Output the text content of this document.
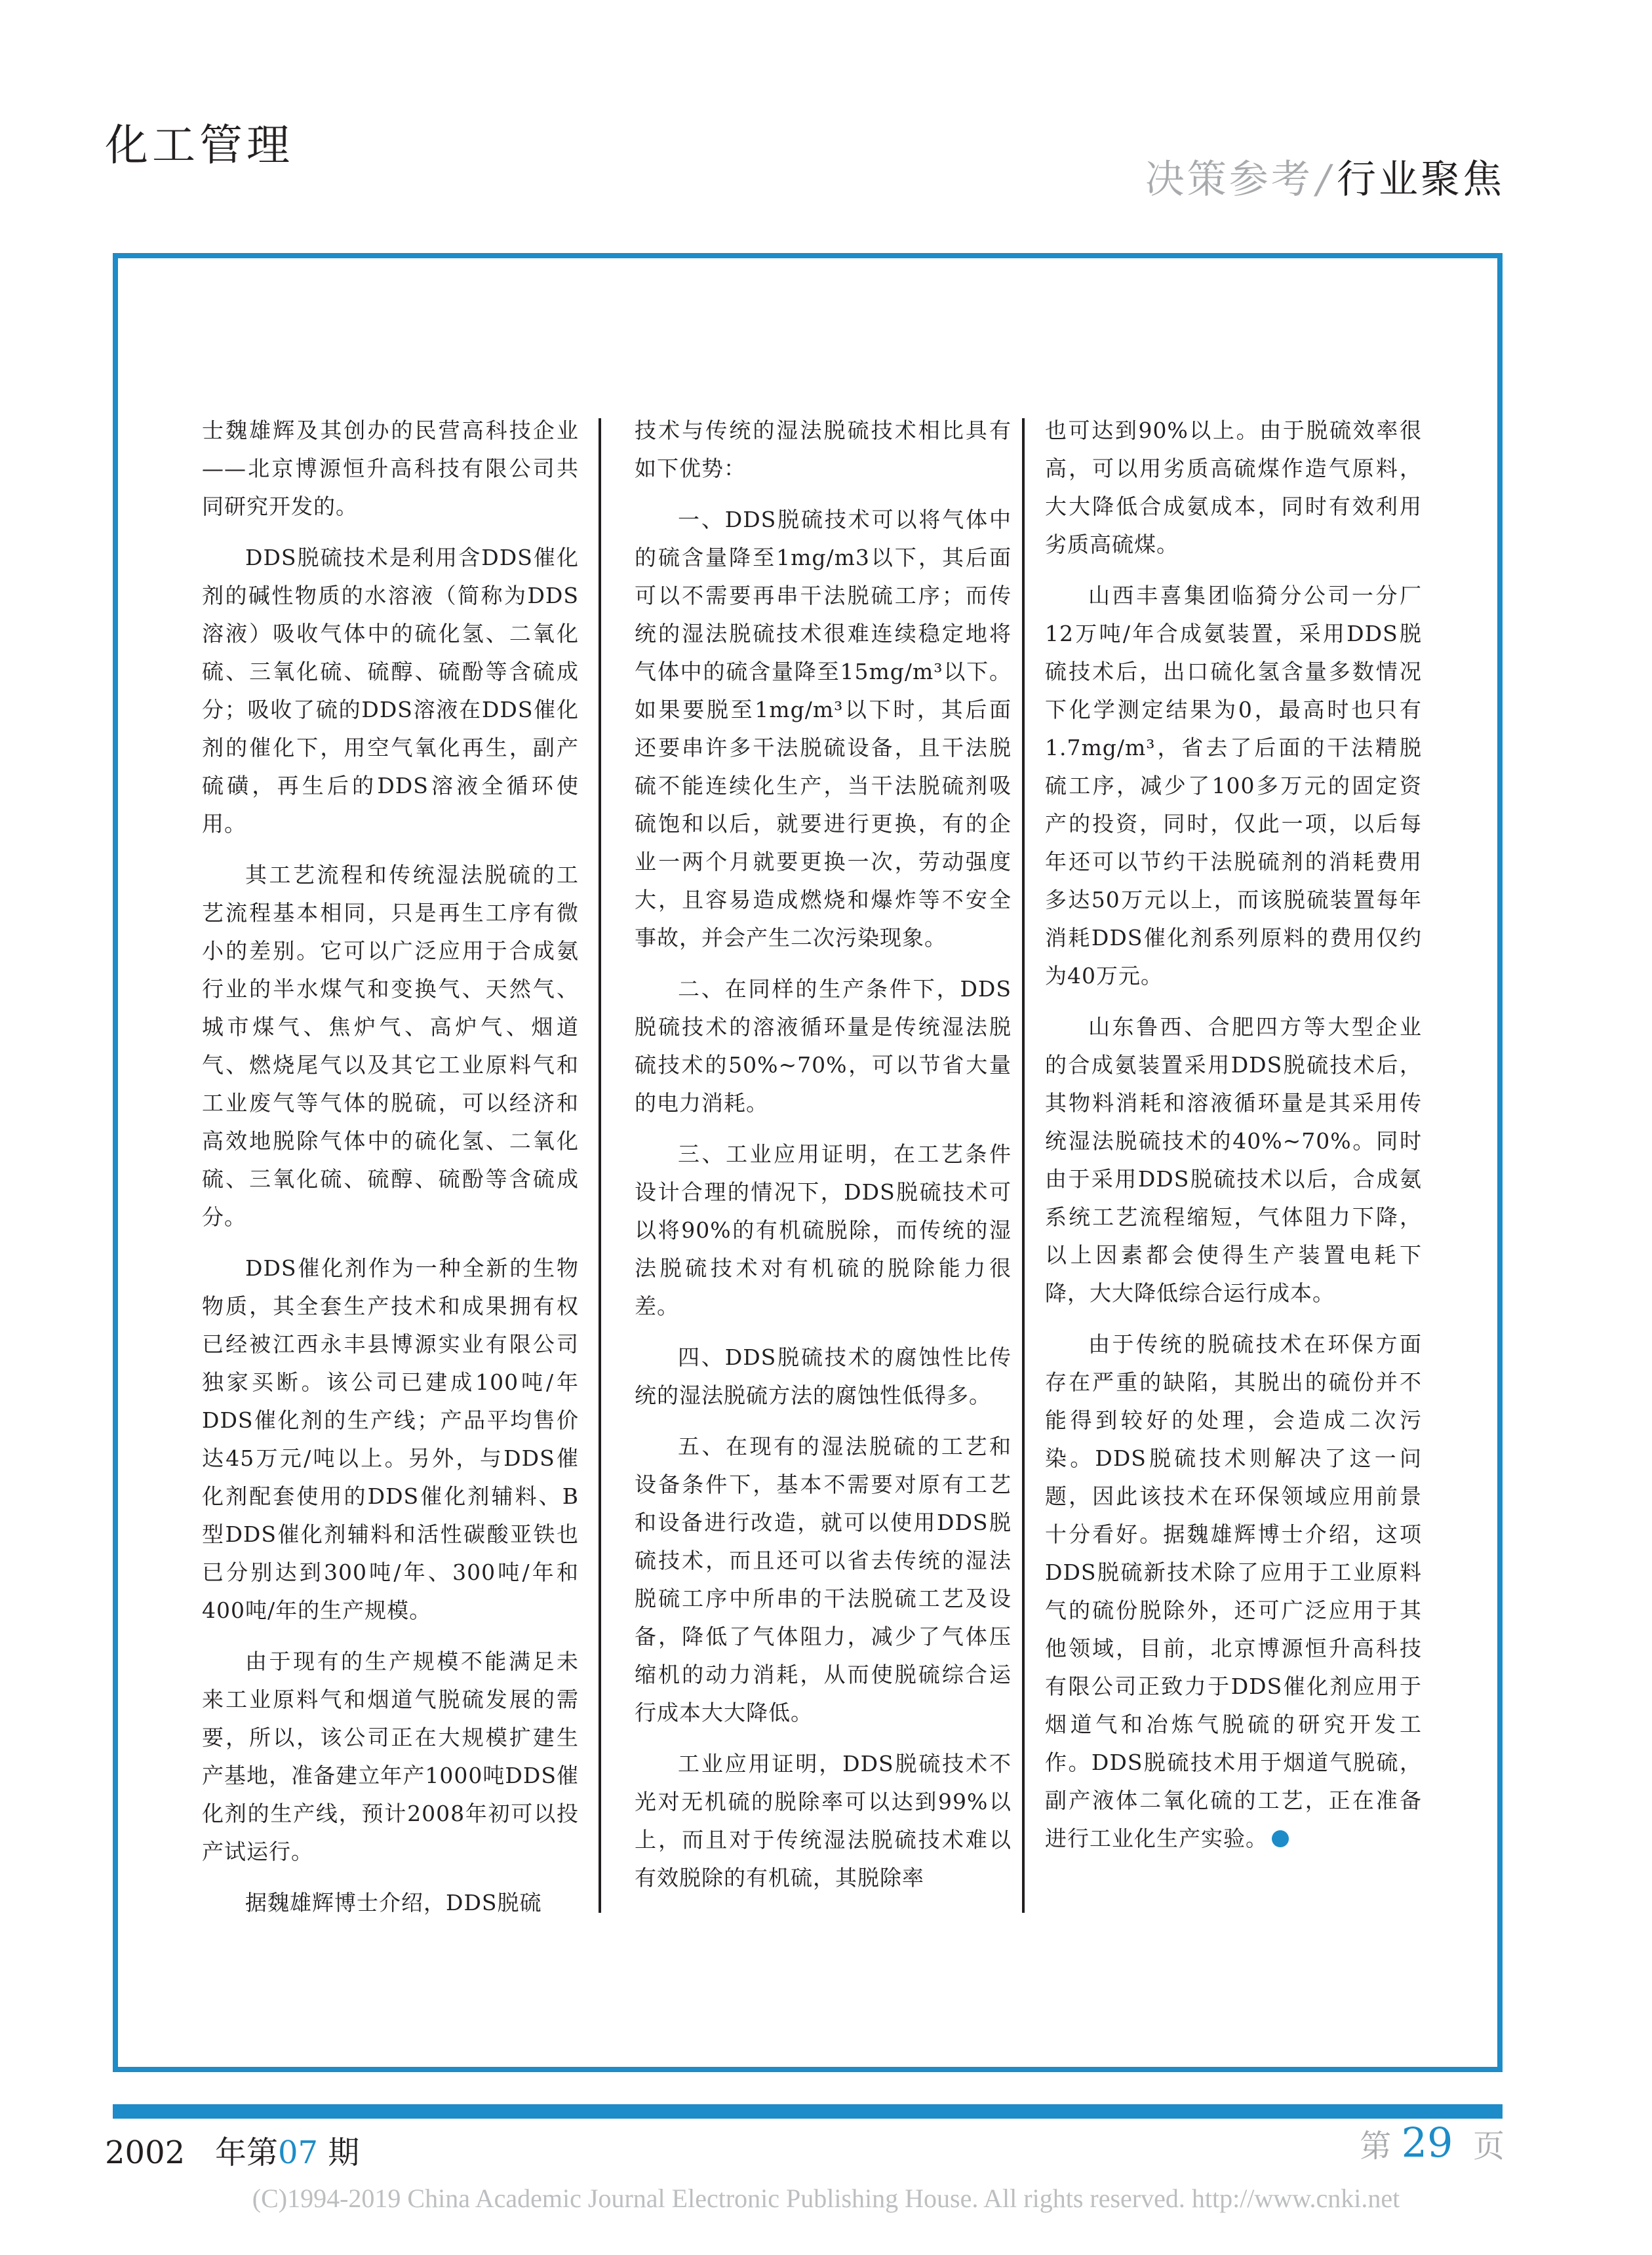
化工管理
决策参考 / 行业聚焦

士魏雄辉及其创办的民营高科技企业——北京博源恒升高科技有限公司共同研究开发的。

DDS脱硫技术是利用含DDS催化剂的碱性物质的水溶液（简称为DDS溶液）吸收气体中的硫化氢、二氧化硫、三氧化硫、硫醇、硫酚等含硫成分；吸收了硫的DDS溶液在DDS催化剂的催化下，用空气氧化再生，副产硫磺，再生后的DDS溶液全循环使用。

其工艺流程和传统湿法脱硫的工艺流程基本相同，只是再生工序有微小的差别。它可以广泛应用于合成氨行业的半水煤气和变换气、天然气、城市煤气、焦炉气、高炉气、烟道气、燃烧尾气以及其它工业原料气和工业废气等气体的脱硫，可以经济和高效地脱除气体中的硫化氢、二氧化硫、三氧化硫、硫醇、硫酚等含硫成分。

DDS催化剂作为一种全新的生物物质，其全套生产技术和成果拥有权已经被江西永丰县博源实业有限公司独家买断。该公司已建成100吨/年DDS催化剂的生产线；产品平均售价达45万元/吨以上。另外，与DDS催化剂配套使用的DDS催化剂辅料、B型DDS催化剂辅料和活性碳酸亚铁也已分别达到300吨/年、300吨/年和400吨/年的生产规模。

由于现有的生产规模不能满足未来工业原料气和烟道气脱硫发展的需要，所以，该公司正在大规模扩建生产基地，准备建立年产1000吨DDS催化剂的生产线，预计2008年初可以投产试运行。

据魏雄辉博士介绍，DDS脱硫

技术与传统的湿法脱硫技术相比具有如下优势：

一、DDS脱硫技术可以将气体中的硫含量降至1mg/m3以下，其后面可以不需要再串干法脱硫工序；而传统的湿法脱硫技术很难连续稳定地将气体中的硫含量降至15mg/m³以下。如果要脱至1mg/m³以下时，其后面还要串许多干法脱硫设备，且干法脱硫不能连续化生产，当干法脱硫剂吸硫饱和以后，就要进行更换，有的企业一两个月就要更换一次，劳动强度大，且容易造成燃烧和爆炸等不安全事故，并会产生二次污染现象。

二、在同样的生产条件下，DDS脱硫技术的溶液循环量是传统湿法脱硫技术的50%~70%，可以节省大量的电力消耗。

三、工业应用证明，在工艺条件设计合理的情况下，DDS脱硫技术可以将90%的有机硫脱除，而传统的湿法脱硫技术对有机硫的脱除能力很差。

四、DDS脱硫技术的腐蚀性比传统的湿法脱硫方法的腐蚀性低得多。

五、在现有的湿法脱硫的工艺和设备条件下，基本不需要对原有工艺和设备进行改造，就可以使用DDS脱硫技术，而且还可以省去传统的湿法脱硫工序中所串的干法脱硫工艺及设备，降低了气体阻力，减少了气体压缩机的动力消耗，从而使脱硫综合运行成本大大降低。

工业应用证明，DDS脱硫技术不光对无机硫的脱除率可以达到99%以上，而且对于传统湿法脱硫技术难以有效脱除的有机硫，其脱除率

也可达到90%以上。由于脱硫效率很高，可以用劣质高硫煤作造气原料，大大降低合成氨成本，同时有效利用劣质高硫煤。

山西丰喜集团临猗分公司一分厂12万吨/年合成氨装置，采用DDS脱硫技术后，出口硫化氢含量多数情况下化学测定结果为0，最高时也只有1.7mg/m³，省去了后面的干法精脱硫工序，减少了100多万元的固定资产的投资，同时，仅此一项，以后每年还可以节约干法脱硫剂的消耗费用多达50万元以上，而该脱硫装置每年消耗DDS催化剂系列原料的费用仅约为40万元。

山东鲁西、合肥四方等大型企业的合成氨装置采用DDS脱硫技术后，其物料消耗和溶液循环量是其采用传统湿法脱硫技术的40%~70%。同时由于采用DDS脱硫技术以后，合成氨系统工艺流程缩短，气体阻力下降，以上因素都会使得生产装置电耗下降，大大降低综合运行成本。

由于传统的脱硫技术在环保方面存在严重的缺陷，其脱出的硫份并不能得到较好的处理，会造成二次污染。DDS脱硫技术则解决了这一问题，因此该技术在环保领域应用前景十分看好。据魏雄辉博士介绍，这项DDS脱硫新技术除了应用于工业原料气的硫份脱除外，还可广泛应用于其他领域，目前，北京博源恒升高科技有限公司正致力于DDS催化剂应用于烟道气和冶炼气脱硫的研究开发工作。DDS脱硫技术用于烟道气脱硫，副产液体二氧化硫的工艺，正在准备进行工业化生产实验。

2002 年第07 期	第 29 页
(C)1994-2019 China Academic Journal Electronic Publishing House. All rights reserved. http://www.cnki.net
